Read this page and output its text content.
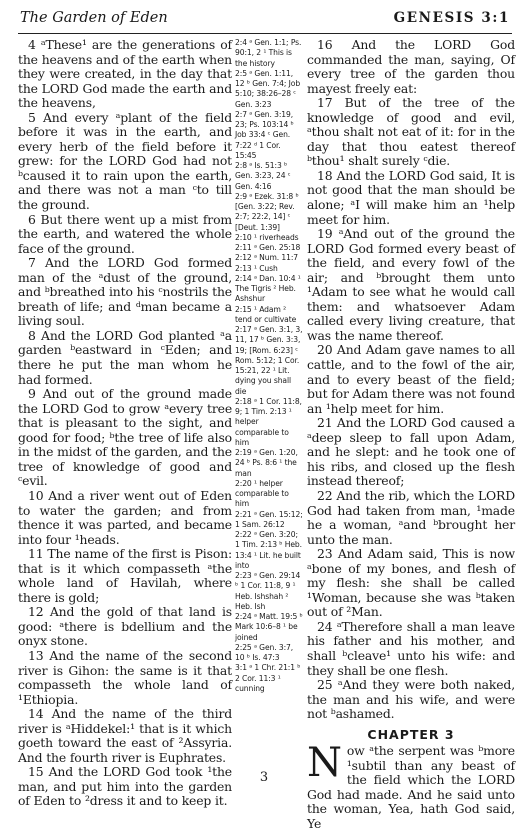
The Garden of Eden	GENESIS 3:1

4 ᵃThese¹ are the generations of the heavens and of the earth when they were created, in the day that the LORD God made the earth and the heavens,

5 And every ᵃplant of the field before it was in the earth, and every herb of the field before it grew: for the LORD God had not ᵇcaused it to rain upon the earth, and there was not a man ᶜto till the ground.

6 But there went up a mist from the earth, and watered the whole face of the ground.

7 And the LORD God formed man of the ᵃdust of the ground, and ᵇbreathed into his ᶜnostrils the breath of life; and ᵈman became a living soul.

8 And the LORD God planted ᵃa garden ᵇeastward in ᶜEden; and there he put the man whom he had formed.

9 And out of the ground made the LORD God to grow ᵃevery tree that is pleasant to the sight, and good for food; ᵇthe tree of life also in the midst of the garden, and the tree of knowledge of good and ᶜevil.

10 And a river went out of Eden to water the garden; and from thence it was parted, and became into four ¹heads.

11 The name of the first is Pison: that is it which compasseth ᵃthe whole land of Havilah, where there is gold;

12 And the gold of that land is good: ᵃthere is bdellium and the onyx stone.

13 And the name of the second river is Gihon: the same is it that compasseth the whole land of ¹Ethiopia.

14 And the name of the third river is ᵃHiddekel:¹ that is it which goeth toward the east of ²Assyria. And the fourth river is Euphrates.

15 And the LORD God took ¹the man, and put him into the garden of Eden to ²dress it and to keep it.

2:4 ᵃ Gen. 1:1; Ps. 90:1, 2 ¹ This is the history

2:5 ᵃ Gen. 1:11, 12 ᵇ Gen. 7:4; Job 5:10; 38:26–28 ᶜ Gen. 3:23

2:7 ᵃ Gen. 3:19, 23; Ps. 103:14 ᵇ Job 33:4 ᶜ Gen. 7:22 ᵈ 1 Cor. 15:45

2:8 ᵃ Is. 51:3 ᵇ Gen. 3:23, 24 ᶜ Gen. 4:16

2:9 ᵃ Ezek. 31:8 ᵇ [Gen. 3:22; Rev. 2:7; 22:2, 14] ᶜ [Deut. 1:39]

2:10 ¹ riverheads

2:11 ᵃ Gen. 25:18

2:12 ᵃ Num. 11:7

2:13 ¹ Cush

2:14 ᵃ Dan. 10:4 ¹ The Tigris ² Heb. Ashshur

2:15 ¹ Adam ² tend or cultivate

2:17 ᵃ Gen. 3:1, 3, 11, 17 ᵇ Gen. 3:3, 19; [Rom. 6:23] ᶜ Rom. 5:12; 1 Cor. 15:21, 22 ¹ Lit. dying you shall die

2:18 ᵃ 1 Cor. 11:8, 9; 1 Tim. 2:13 ¹ helper comparable to him

2:19 ᵃ Gen. 1:20, 24 ᵇ Ps. 8:6 ¹ the man

2:20 ¹ helper comparable to him

2:21 ᵃ Gen. 15:12; 1 Sam. 26:12

2:22 ᵃ Gen. 3:20; 1 Tim. 2:13 ᵇ Heb. 13:4 ¹ Lit. he built into

2:23 ᵃ Gen. 29:14 ᵇ 1 Cor. 11:8, 9 ¹ Heb. Ishshah ² Heb. Ish

2:24 ᵃ Matt. 19:5 ᵇ Mark 10:6–8 ¹ be joined

2:25 ᵃ Gen. 3:7, 10 ᵇ Is. 47:3

3:1 ᵃ 1 Chr. 21:1 ᵇ 2 Cor. 11:3 ¹ cunning

16 And the LORD God commanded the man, saying, Of every tree of the garden thou mayest freely eat:

17 But of the tree of the knowledge of good and evil, ᵃthou shalt not eat of it: for in the day that thou eatest thereof ᵇthou¹ shalt surely ᶜdie.

18 And the LORD God said, It is not good that the man should be alone; ᵃI will make him an ¹help meet for him.

19 ᵃAnd out of the ground the LORD God formed every beast of the field, and every fowl of the air; and ᵇbrought them unto ¹Adam to see what he would call them: and whatsoever Adam called every living creature, that was the name thereof.

20 And Adam gave names to all cattle, and to the fowl of the air, and to every beast of the field; but for Adam there was not found an ¹help meet for him.

21 And the LORD God caused a ᵃdeep sleep to fall upon Adam, and he slept: and he took one of his ribs, and closed up the flesh instead thereof;

22 And the rib, which the LORD God had taken from man, ¹made he a woman, ᵃand ᵇbrought her unto the man.

23 And Adam said, This is now ᵃbone of my bones, and flesh of my flesh: she shall be called ¹Woman, because she was ᵇtaken out of ²Man.

24 ᵃTherefore shall a man leave his father and his mother, and shall ᵇcleave¹ unto his wife: and they shall be one flesh.

25 ᵃAnd they were both naked, the man and his wife, and were not ᵇashamed.

CHAPTER 3

Now ᵃthe serpent was ᵇmore ¹subtil than any beast of the field which the LORD God had made. And he said unto the woman, Yea, hath God said, Ye

3
